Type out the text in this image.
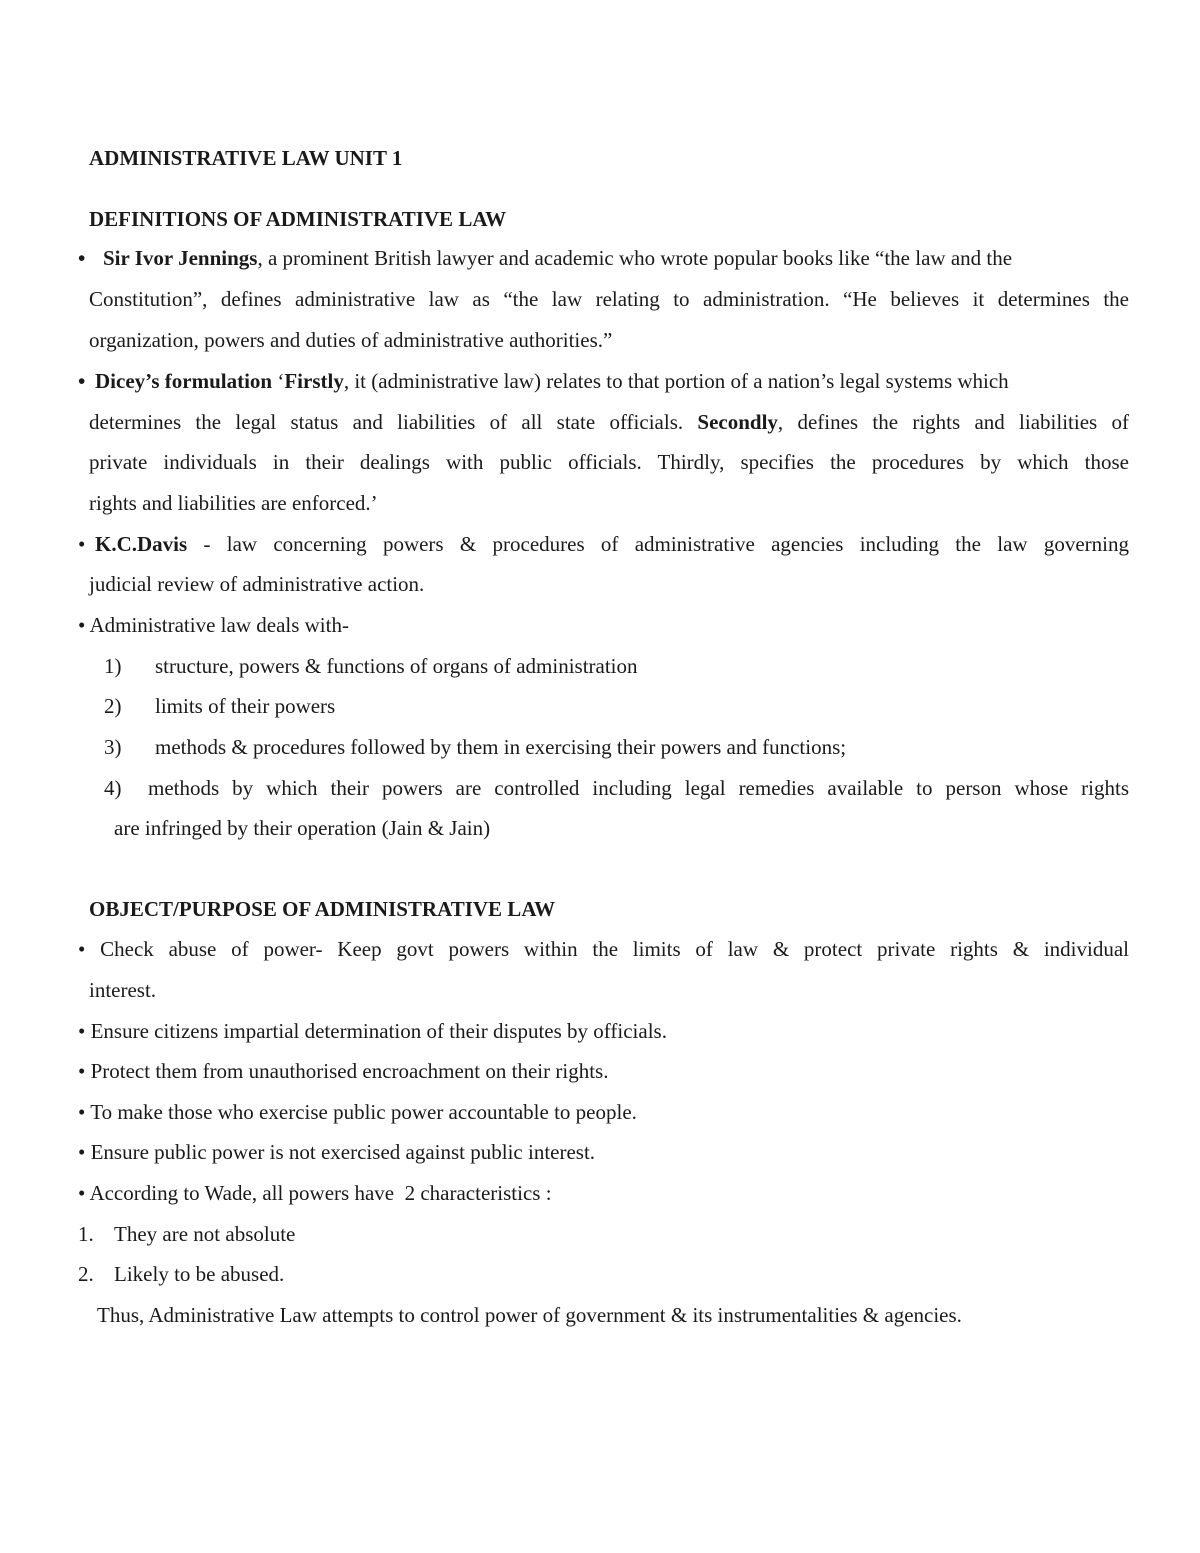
ADMINISTRATIVE LAW UNIT 1
DEFINITIONS OF ADMINISTRATIVE LAW
• Sir Ivor Jennings, a prominent British lawyer and academic who wrote popular books like “the law and the
Constitution”, defines administrative law as “the law relating to administration. “He believes it determines the
organization, powers and duties of administrative authorities.”
• Dicey’s formulation ‘Firstly, it (administrative law) relates to that portion of a nation’s legal systems which
determines the legal status and liabilities of all state officials. Secondly, defines the rights and liabilities of
private individuals in their dealings with public officials. Thirdly, specifies the procedures by which those
rights and liabilities are enforced.’
• K.C.Davis - law concerning powers & procedures of administrative agencies including the law governing
judicial review of administrative action.
• Administrative law deals with-
1) structure, powers & functions of organs of administration
2) limits of their powers
3) methods & procedures followed by them in exercising their powers and functions;
4) methods by which their powers are controlled including legal remedies available to person whose rights
are infringed by their operation (Jain & Jain)
OBJECT/PURPOSE OF ADMINISTRATIVE LAW
• Check abuse of power- Keep govt powers within the limits of law & protect private rights & individual
interest.
• Ensure citizens impartial determination of their disputes by officials.
• Protect them from unauthorised encroachment on their rights.
• To make those who exercise public power accountable to people.
• Ensure public power is not exercised against public interest.
• According to Wade, all powers have  2 characteristics :
1. They are not absolute
2. Likely to be abused.
Thus, Administrative Law attempts to control power of government & its instrumentalities & agencies.
